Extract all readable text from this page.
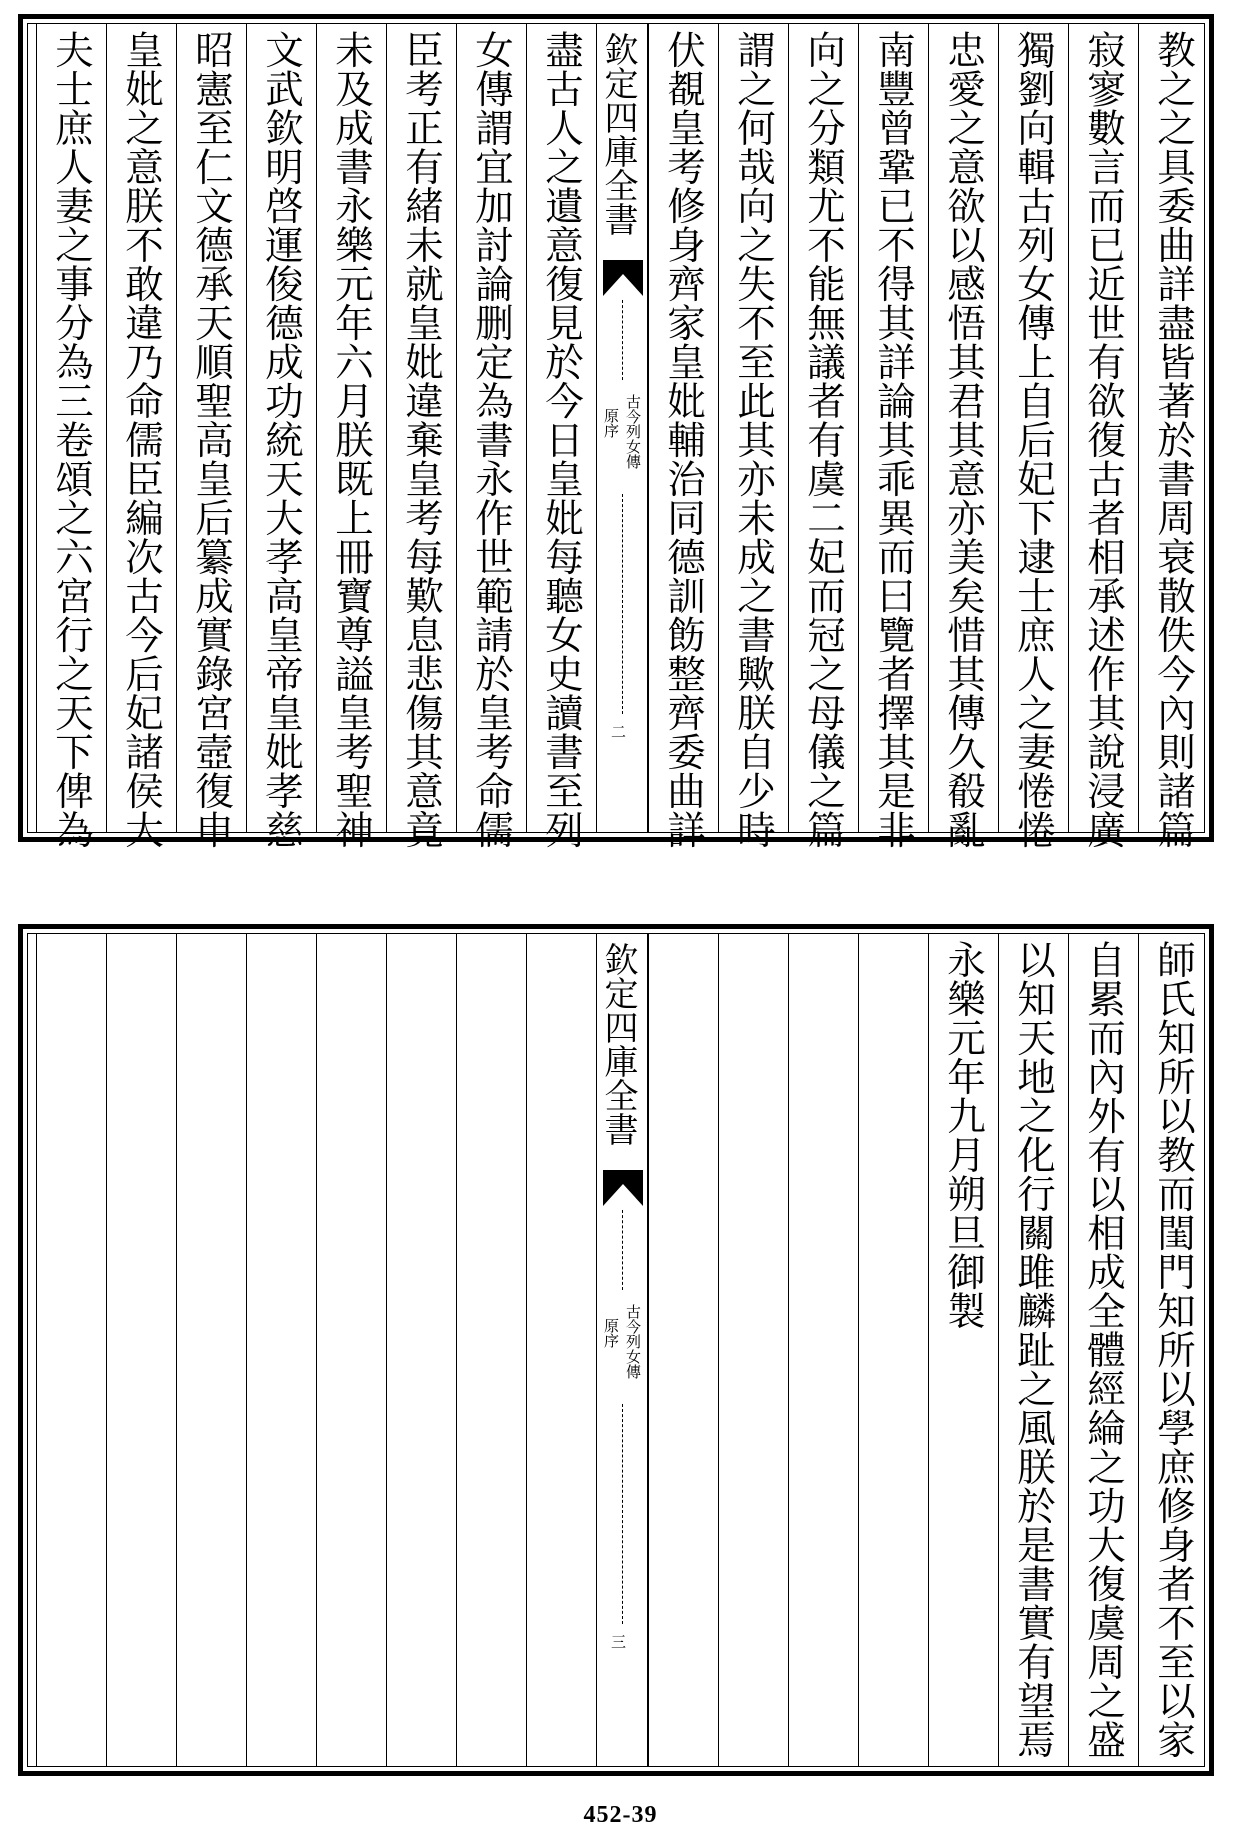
教之之具委曲詳盡皆著於書周衰散佚今內則諸篇
寂寥數言而已近世有欲復古者相承述作其說浸廣
獨劉向輯古列女傳上自后妃下逮士庶人之妻惓惓
忠愛之意欲以感悟其君其意亦美矣惜其傳久殽亂
南豐曾鞏已不得其詳論其乖異而曰覽者擇其是非
向之分類尤不能無議者有虞二妃而冠之母儀之篇
謂之何哉向之失不至此其亦未成之書歟朕自少時
伏覩皇考修身齊家皇妣輔治同德訓飭整齊委曲詳
欽定四庫全書
古今列女傳
原序
二
盡古人之遺意復見於今日皇妣每聽女史讀書至列
女傳謂宜加討論删定為書永作世範請於皇考命儒
臣考正有緒未就皇妣違棄皇考每歎息悲傷其意竟
未及成書永樂元年六月朕既上冊寶尊謚皇考聖神
文武欽明啓運俊德成功統天大孝高皇帝皇妣孝慈
昭憲至仁文德承天順聖高皇后纂成實錄宮壼復申
皇妣之意朕不敢違乃命儒臣編次古今后妃諸侯大
夫士庶人妻之事分為三卷頌之六宮行之天下俾為
師氏知所以教而閨門知所以學庶修身者不至以家
自累而內外有以相成全體經綸之功大復虞周之盛
以知天地之化行關雎麟趾之風朕於是書實有望焉
永樂元年九月朔旦御製
欽定四庫全書
古今列女傳
原序
三
452-39
